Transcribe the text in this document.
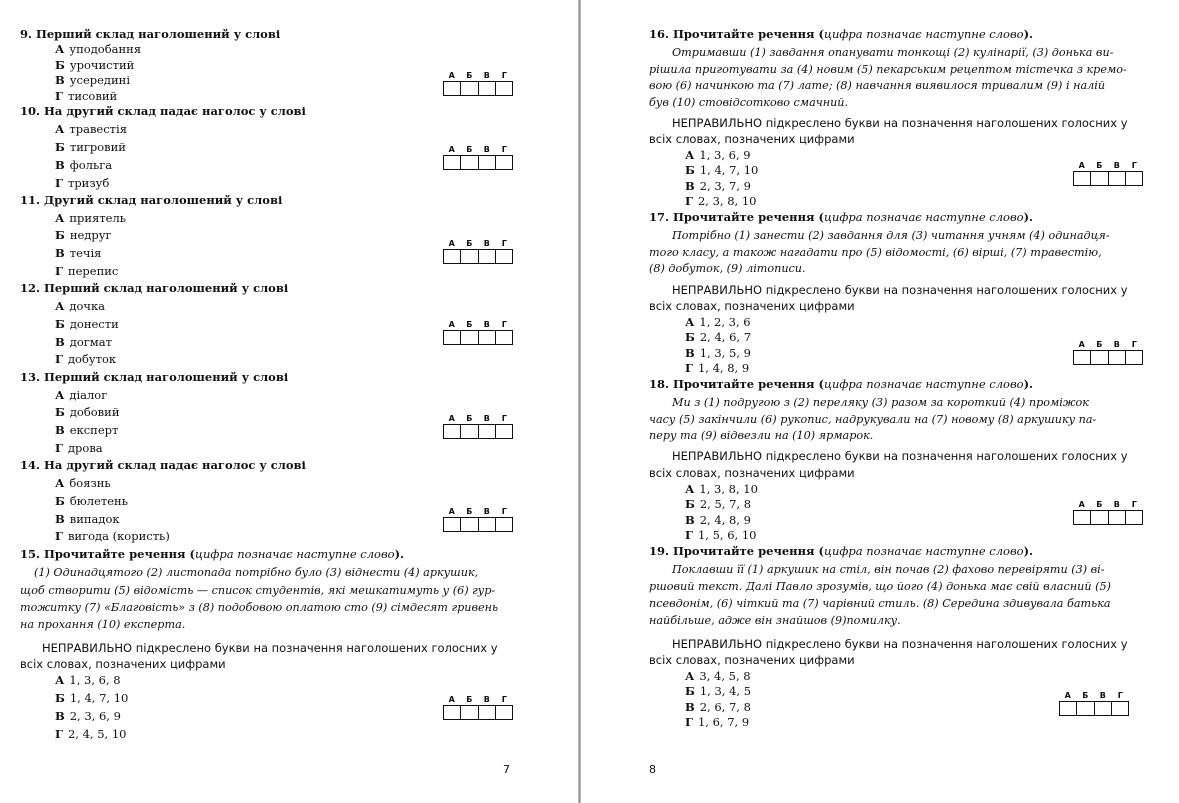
9. Перший склад наголошений у слові
А уподобання
Б урочистий
В усередині
Г тисовий
А	Б	В	Г
10. На другий склад падає наголос у слові
А травестія
Б тигровий
В фольга
Г тризуб
А	Б	В	Г
11. Другий склад наголошений у слові
А приятель
Б недруг
В течія
Г перепис
А	Б	В	Г
12. Перший склад наголошений у слові
А дочка
Б донести
В догмат
Г добуток
А	Б	В	Г
13. Перший склад наголошений у слові
А діалог
Б добовий
В експерт
Г дрова
А	Б	В	Г
14. На другий склад падає наголос у слові
А боязнь
Б бюлетень
В випадок
Г вигода (користь)
А	Б	В	Г
15. Прочитайте речення (цифра позначає наступне слово).
(1) Одинадцятого (2) листопада потрібно було (3) віднести (4) аркушик,
щоб створити (5) відомість — список студентів, які мешкатимуть у (6) гур-
тожитку (7) «Благовість» з (8) подобовою оплатою сто (9) сімдесят гривень
на прохання (10) експерта.
НЕПРАВИЛЬНО підкреслено букви на позначення наголошених голосних у
всіх словах, позначених цифрами
А 1, 3, 6, 8
Б 1, 4, 7, 10
В 2, 3, 6, 9
Г 2, 4, 5, 10
А	Б	В	Г
7
16. Прочитайте речення (цифра позначає наступне слово).
Отримавши (1) завдання опанувати тонкощі (2) кулінарії, (3) донька ви-
рішила приготувати за (4) новим (5) пекарським рецептом тістечка з кремо-
вою (6) начинкою та (7) лате; (8) навчання виявилося тривалим (9) і налій
був (10) стовідсотково смачний.
НЕПРАВИЛЬНО підкреслено букви на позначення наголошених голосних у
всіх словах, позначених цифрами
А 1, 3, 6, 9
Б 1, 4, 7, 10
В 2, 3, 7, 9
Г 2, 3, 8, 10
А	Б	В	Г
17. Прочитайте речення (цифра позначає наступне слово).
Потрібно (1) занести (2) завдання для (3) читання учням (4) одинадця-
того класу, а також нагадати про (5) відомості, (6) вірші, (7) травестію,
(8) добуток, (9) літописи.
НЕПРАВИЛЬНО підкреслено букви на позначення наголошених голосних у
всіх словах, позначених цифрами
А 1, 2, 3, 6
Б 2, 4, 6, 7
В 1, 3, 5, 9
Г 1, 4, 8, 9
А	Б	В	Г
18. Прочитайте речення (цифра позначає наступне слово).
Ми з (1) подругою з (2) переляку (3) разом за короткий (4) проміжок
часу (5) закінчили (6) рукопис, надрукували на (7) новому (8) аркушику па-
перу та (9) відвезли на (10) ярмарок.
НЕПРАВИЛЬНО підкреслено букви на позначення наголошених голосних у
всіх словах, позначених цифрами
А 1, 3, 8, 10
Б 2, 5, 7, 8
В 2, 4, 8, 9
Г 1, 5, 6, 10
А	Б	В	Г
19. Прочитайте речення (цифра позначає наступне слово).
Поклавши її (1) аркушик на стіл, він почав (2) фахово перевіряти (3) ві-
ршовий текст. Далі Павло зрозумів, що його (4) донька має свій власний (5)
псевдонім, (6) чіткий та (7) чарівний стиль. (8) Середина здивувала батька
найбільше, адже він знайшов (9)помилку.
НЕПРАВИЛЬНО підкреслено букви на позначення наголошених голосних у
всіх словах, позначених цифрами
А 3, 4, 5, 8
Б 1, 3, 4, 5
В 2, 6, 7, 8
Г 1, 6, 7, 9
А	Б	В	Г
8
